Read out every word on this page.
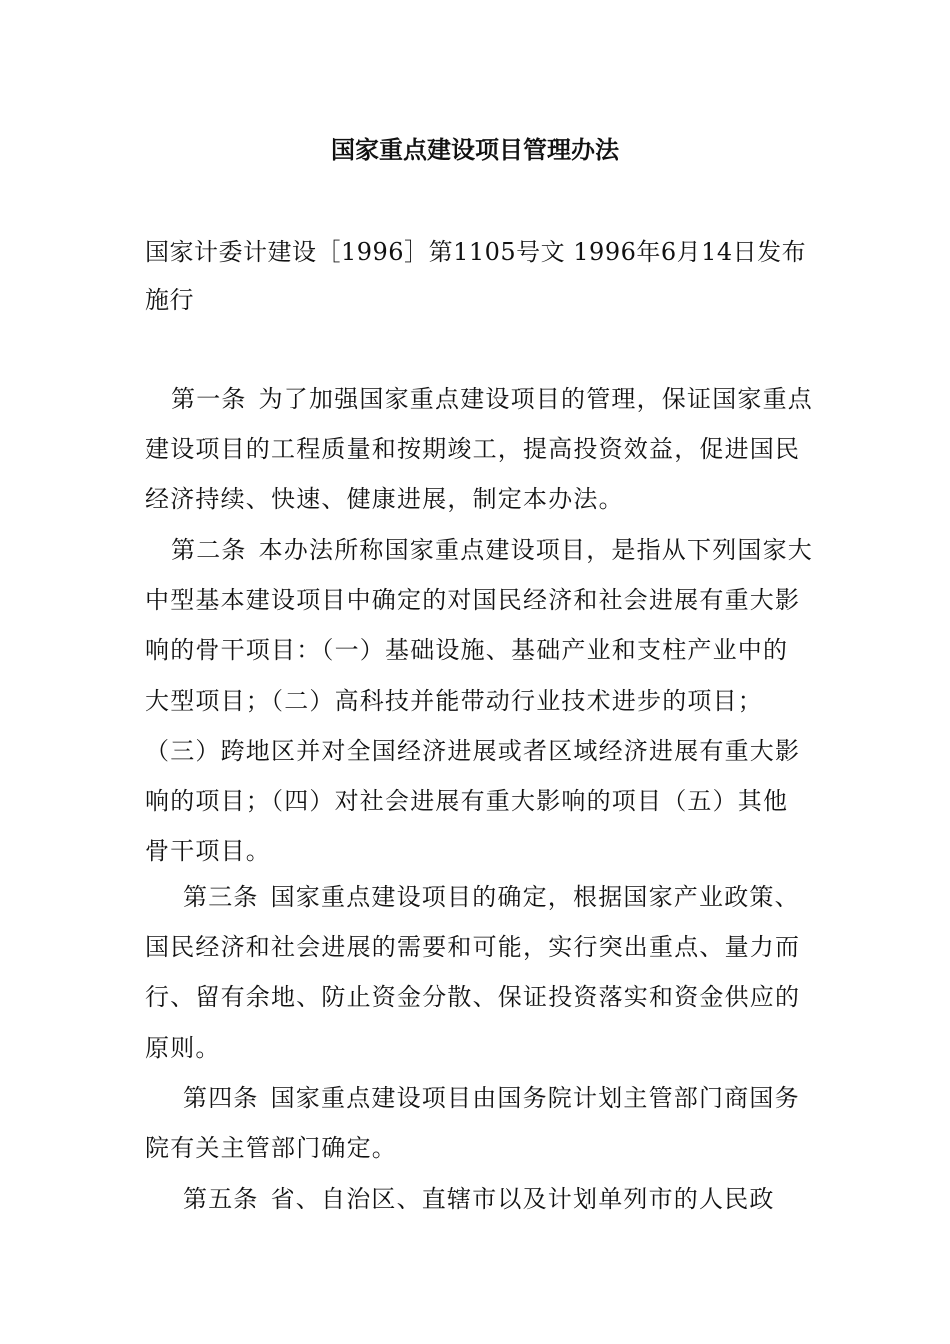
国家重点建设项目管理办法

国家计委计建设［1996］第1105号文 1996年6月14日发布施行

第一条 为了加强国家重点建设项目的管理，保证国家重点建设项目的工程质量和按期竣工，提高投资效益，促进国民经济持续、快速、健康进展，制定本办法。

第二条 本办法所称国家重点建设项目，是指从下列国家大中型基本建设项目中确定的对国民经济和社会进展有重大影响的骨干项目：（一）基础设施、基础产业和支柱产业中的大型项目；（二）高科技并能带动行业技术进步的项目；（三）跨地区并对全国经济进展或者区域经济进展有重大影响的项目；（四）对社会进展有重大影响的项目（五）其他骨干项目。

第三条 国家重点建设项目的确定，根据国家产业政策、国民经济和社会进展的需要和可能，实行突出重点、量力而行、留有余地、防止资金分散、保证投资落实和资金供应的原则。

第四条 国家重点建设项目由国务院计划主管部门商国务院有关主管部门确定。

第五条 省、自治区、直辖市以及计划单列市的人民政
